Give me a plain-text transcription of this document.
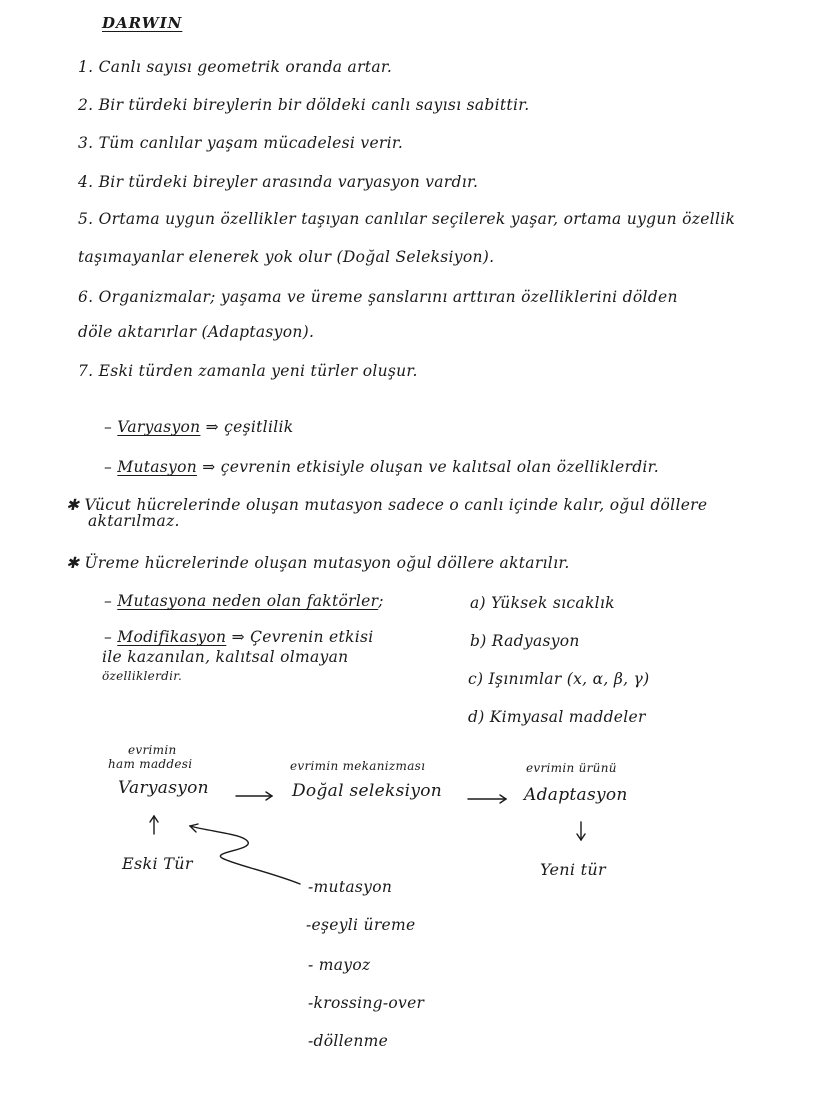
DARWIN
1. Canlı sayısı geometrik oranda artar.
2. Bir türdeki bireylerin bir döldeki canlı sayısı sabittir.
3. Tüm canlılar yaşam mücadelesi verir.
4. Bir türdeki bireyler arasında varyasyon vardır.
5. Ortama uygun özellikler taşıyan canlılar seçilerek yaşar, ortama uygun özellik
taşımayanlar elenerek yok olur (Doğal Seleksiyon).
6. Organizmalar; yaşama ve üreme şanslarını arttıran özelliklerini dölden
döle aktarırlar (Adaptasyon).
7. Eski türden zamanla yeni türler oluşur.
– Varyasyon ⇒ çeşitlilik
– Mutasyon ⇒ çevrenin etkisiyle oluşan ve kalıtsal olan özelliklerdir.
✱ Vücut hücrelerinde oluşan mutasyon sadece o canlı içinde kalır, oğul döllere
aktarılmaz.
✱ Üreme hücrelerinde oluşan mutasyon oğul döllere aktarılır.
– Mutasyona neden olan faktörler;	a) Yüksek sıcaklık
b) Radyasyon
c) Işınımlar (x, α, β, γ)
d) Kimyasal maddeler
– Modifikasyon ⇒ Çevrenin etkisi
ile kazanılan, kalıtsal olmayan
özelliklerdir.
evrimin
ham maddesi	evrimin mekanizması	evrimin ürünü
Varyasyon	Doğal seleksiyon	Adaptasyon
Eski Tür	Yeni tür
-mutasyon
-eşeyli üreme
- mayoz
-krossing-over
-döllenme
